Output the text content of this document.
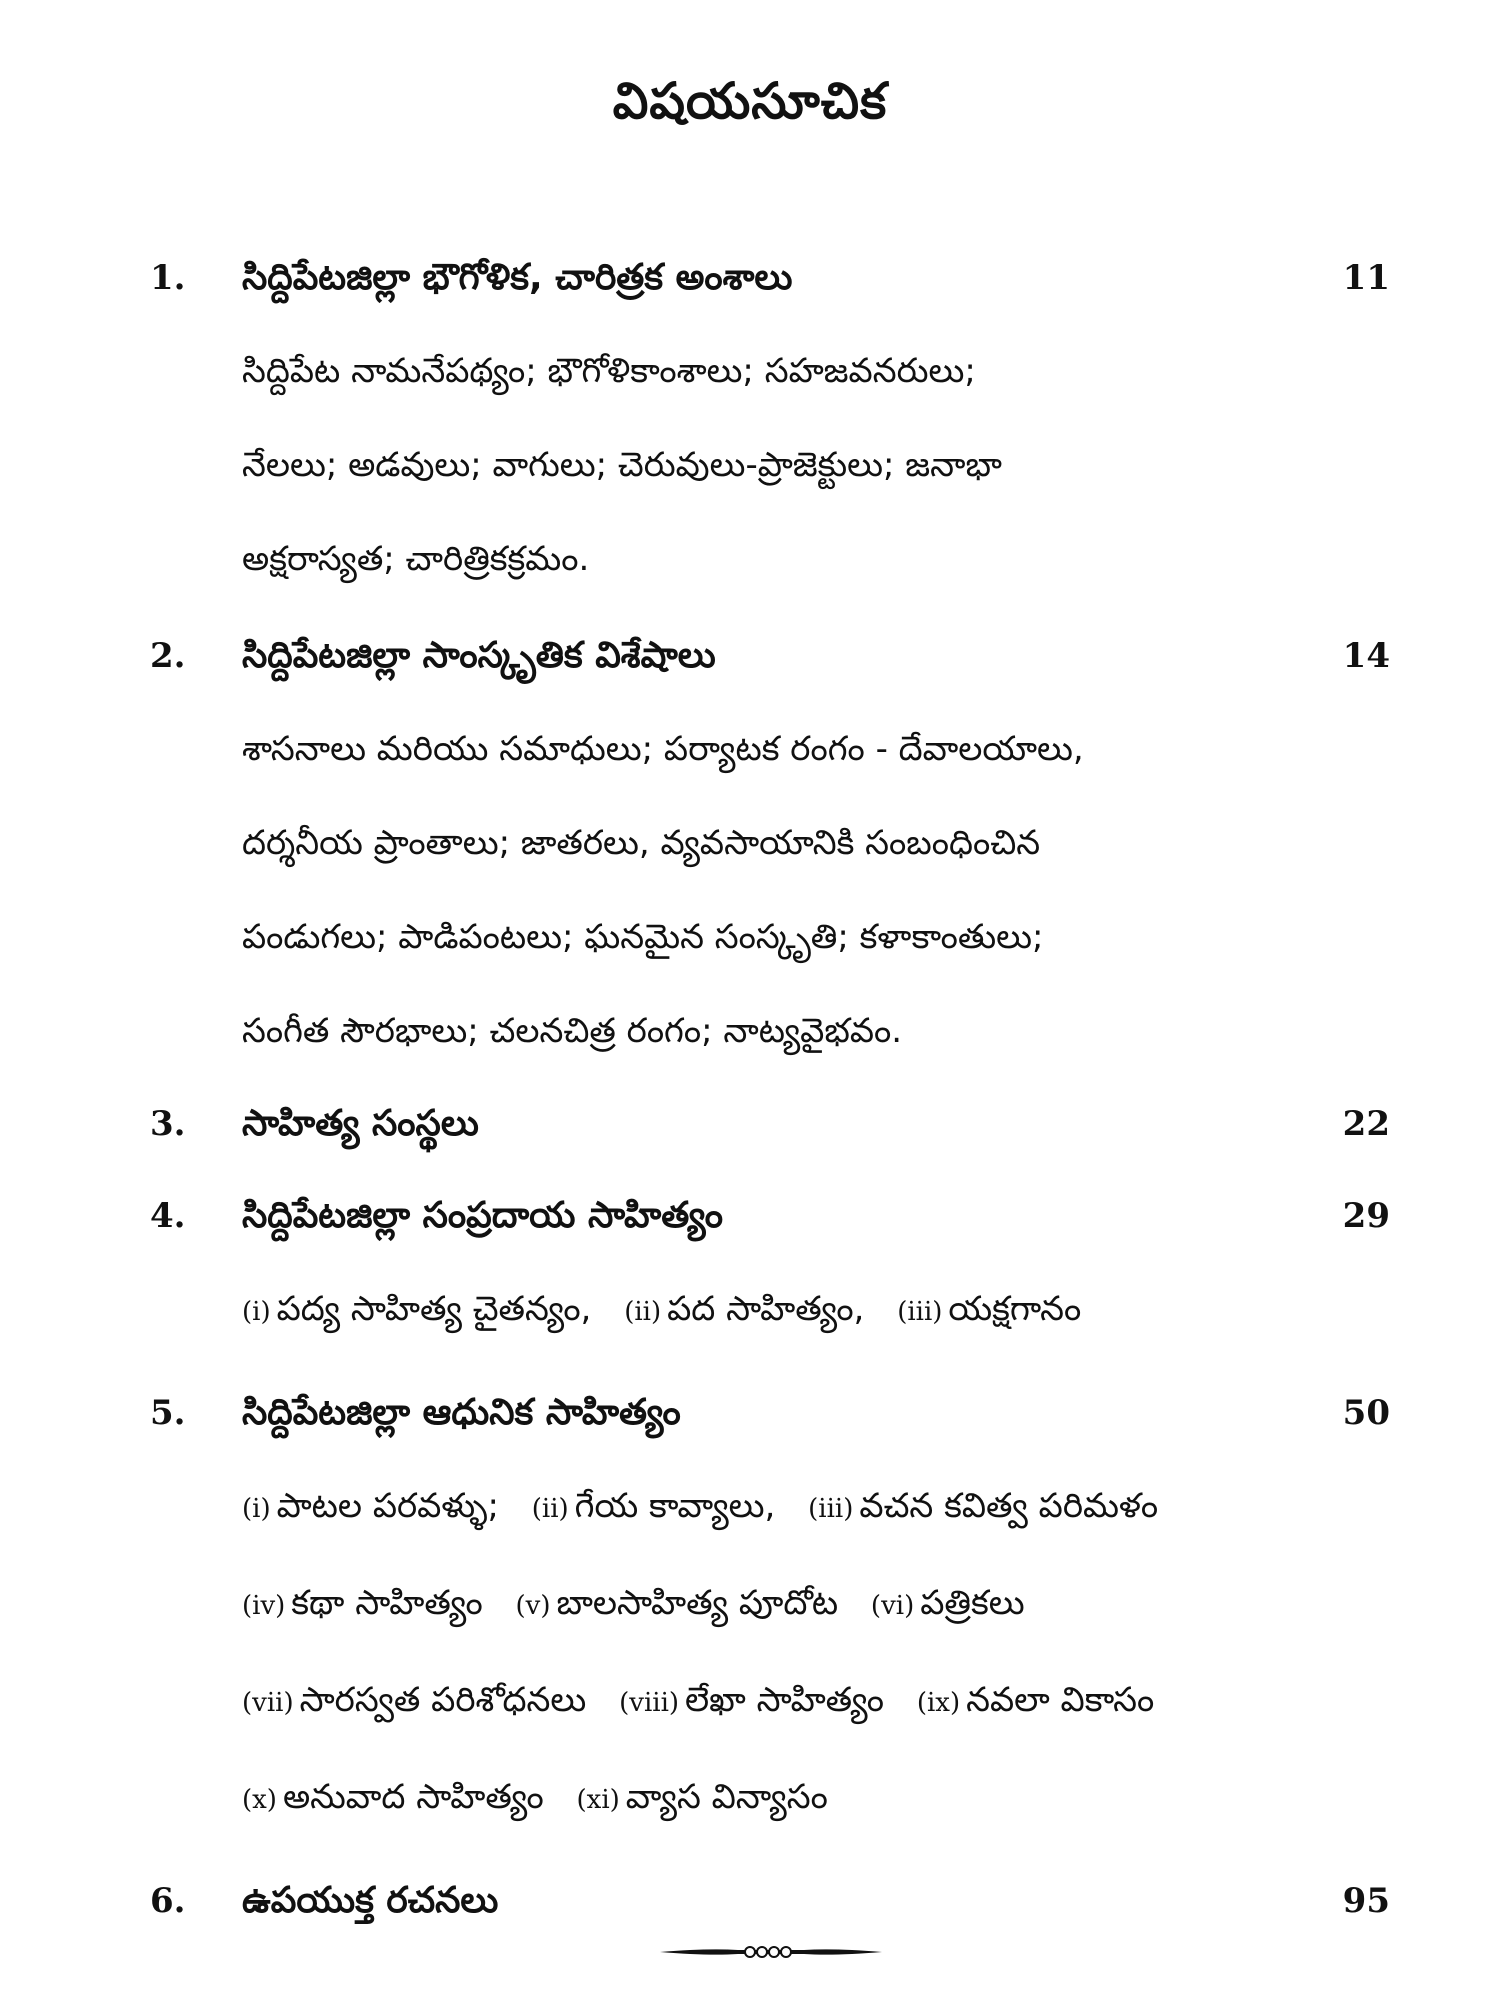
విషయసూచిక
1. సిద్దిపేటజిల్లా భౌగోళిక, చారిత్రక అంశాలు	11
సిద్దిపేట నామనేపథ్యం; భౌగోళికాంశాలు; సహజవనరులు;
నేలలు; అడవులు; వాగులు; చెరువులు-ప్రాజెక్టులు; జనాభా
అక్షరాస్యత; చారిత్రికక్రమం.
2. సిద్దిపేటజిల్లా సాంస్కృతిక విశేషాలు	14
శాసనాలు మరియు సమాధులు; పర్యాటక రంగం - దేవాలయాలు,
దర్శనీయ ప్రాంతాలు; జాతరలు, వ్యవసాయానికి సంబంధించిన
పండుగలు; పాడిపంటలు; ఘనమైన సంస్కృతి; కళాకాంతులు;
సంగీత సౌరభాలు; చలనచిత్ర రంగం; నాట్యవైభవం.
3. సాహిత్య సంస్థలు	22
4. సిద్దిపేటజిల్లా సంప్రదాయ సాహిత్యం	29
(i) పద్య సాహిత్య చైతన్యం, (ii) పద సాహిత్యం, (iii) యక్షగానం
5. సిద్దిపేటజిల్లా ఆధునిక సాహిత్యం	50
(i) పాటల పరవళ్ళు; (ii) గేయ కావ్యాలు, (iii) వచన కవిత్వ పరిమళం
(iv) కథా సాహిత్యం (v) బాలసాహిత్య పూదోట (vi) పత్రికలు
(vii) సారస్వత పరిశోధనలు (viii) లేఖా సాహిత్యం (ix) నవలా వికాసం
(x) అనువాద సాహిత్యం (xi) వ్యాస విన్యాసం
6. ఉపయుక్త రచనలు	95
